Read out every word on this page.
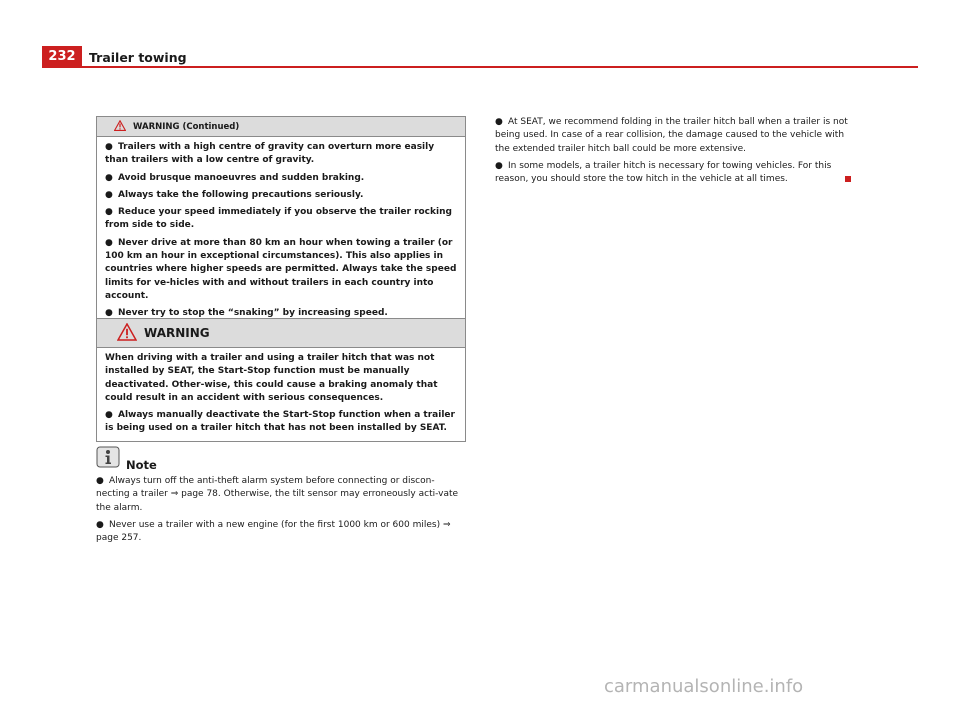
232	Trailer towing
WARNING (Continued)

● Trailers with a high centre of gravity can overturn more easily than trailers with a low centre of gravity.

● Avoid brusque manoeuvres and sudden braking.

● Always take the following precautions seriously.

● Reduce your speed immediately if you observe the trailer rocking from side to side.

● Never drive at more than 80 km an hour when towing a trailer (or 100 km an hour in exceptional circumstances). This also applies in countries where higher speeds are permitted. Always take the speed limits for ve-hicles with and without trailers in each country into account.

● Never try to stop the “snaking” by increasing speed.

WARNING

When driving with a trailer and using a trailer hitch that was not installed by SEAT, the Start-Stop function must be manually deactivated. Other-wise, this could cause a braking anomaly that could result in an accident with serious consequences.

● Always manually deactivate the Start-Stop function when a trailer is being used on a trailer hitch that has not been installed by SEAT.

Note

● Always turn off the anti-theft alarm system before connecting or discon-necting a trailer ⇒ page 78. Otherwise, the tilt sensor may erroneously acti-vate the alarm.

● Never use a trailer with a new engine (for the first 1000 km or 600 miles) ⇒ page 257.

● At SEAT, we recommend folding in the trailer hitch ball when a trailer is not being used. In case of a rear collision, the damage caused to the vehicle with the extended trailer hitch ball could be more extensive.

● In some models, a trailer hitch is necessary for towing vehicles. For this reason, you should store the tow hitch in the vehicle at all times.

carmanualsonline.info
